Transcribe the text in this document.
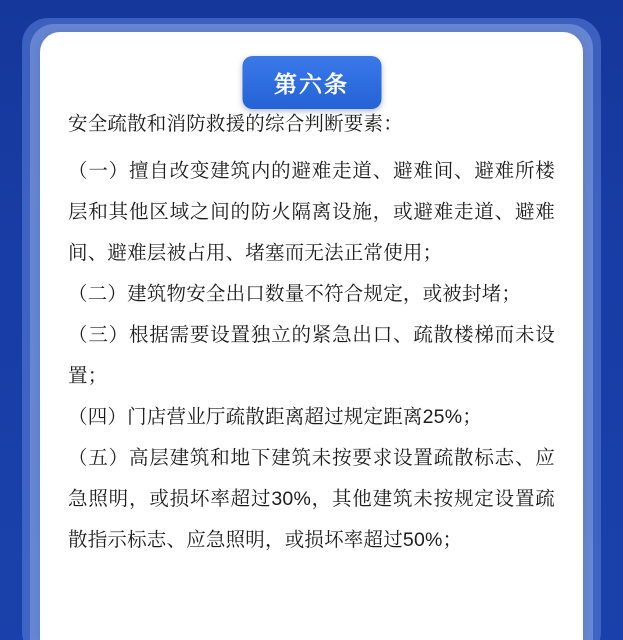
第六条

安全疏散和消防救援的综合判断要素：

（一）擅自改变建筑内的避难走道、避难间、避难所楼层和其他区域之间的防火隔离设施，或避难走道、避难间、避难层被占用、堵塞而无法正常使用；

（二）建筑物安全出口数量不符合规定，或被封堵；

（三）根据需要设置独立的紧急出口、疏散楼梯而未设置；

（四）门店营业厅疏散距离超过规定距离25%；

（五）高层建筑和地下建筑未按要求设置疏散标志、应急照明，或损坏率超过30%，其他建筑未按规定设置疏散指示标志、应急照明，或损坏率超过50%；
